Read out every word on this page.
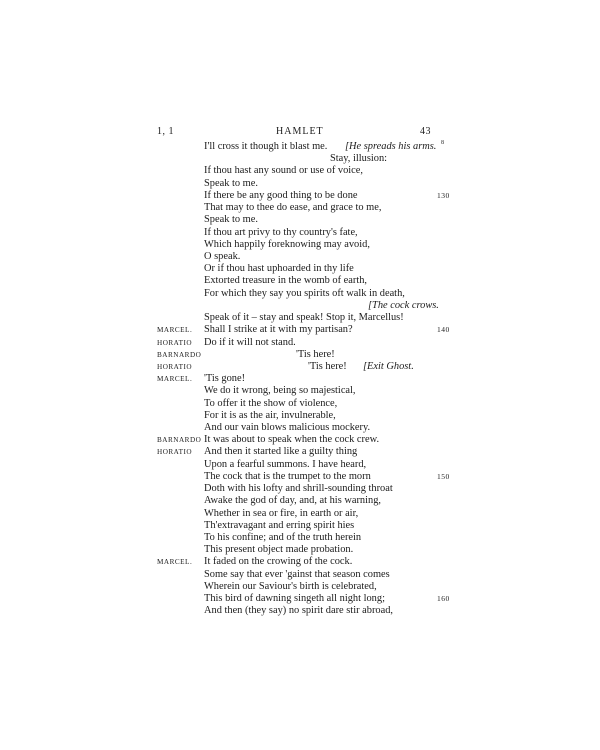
1, 1	HAMLET	43
I'll cross it though it blast me. [He spreads his arms. 8
Stay, illusion:
If thou hast any sound or use of voice,
Speak to me.
If there be any good thing to be done	130
That may to thee do ease, and grace to me,
Speak to me.
If thou art privy to thy country's fate,
Which happily foreknowing may avoid,
O speak.
Or if thou hast uphoarded in thy life
Extorted treasure in the womb of earth,
For which they say you spirits oft walk in death,
[The cock crows.
Speak of it – stay and speak! Stop it, Marcellus!
MARCEL. Shall I strike at it with my partisan?	140
HORATIO Do if it will not stand.
BARNARDO	'Tis here!
HORATIO	'Tis here! [Exit Ghost.
MARCEL. 'Tis gone!
We do it wrong, being so majestical,
To offer it the show of violence,
For it is as the air, invulnerable,
And our vain blows malicious mockery.
BARNARDO It was about to speak when the cock crew.
HORATIO And then it started like a guilty thing
Upon a fearful summons. I have heard,
The cock that is the trumpet to the morn	150
Doth with his lofty and shrill-sounding throat
Awake the god of day, and, at his warning,
Whether in sea or fire, in earth or air,
Th'extravagant and erring spirit hies
To his confine; and of the truth herein
This present object made probation.
MARCEL. It faded on the crowing of the cock.
Some say that ever 'gainst that season comes
Wherein our Saviour's birth is celebrated,
This bird of dawning singeth all night long;	160
And then (they say) no spirit dare stir abroad,
